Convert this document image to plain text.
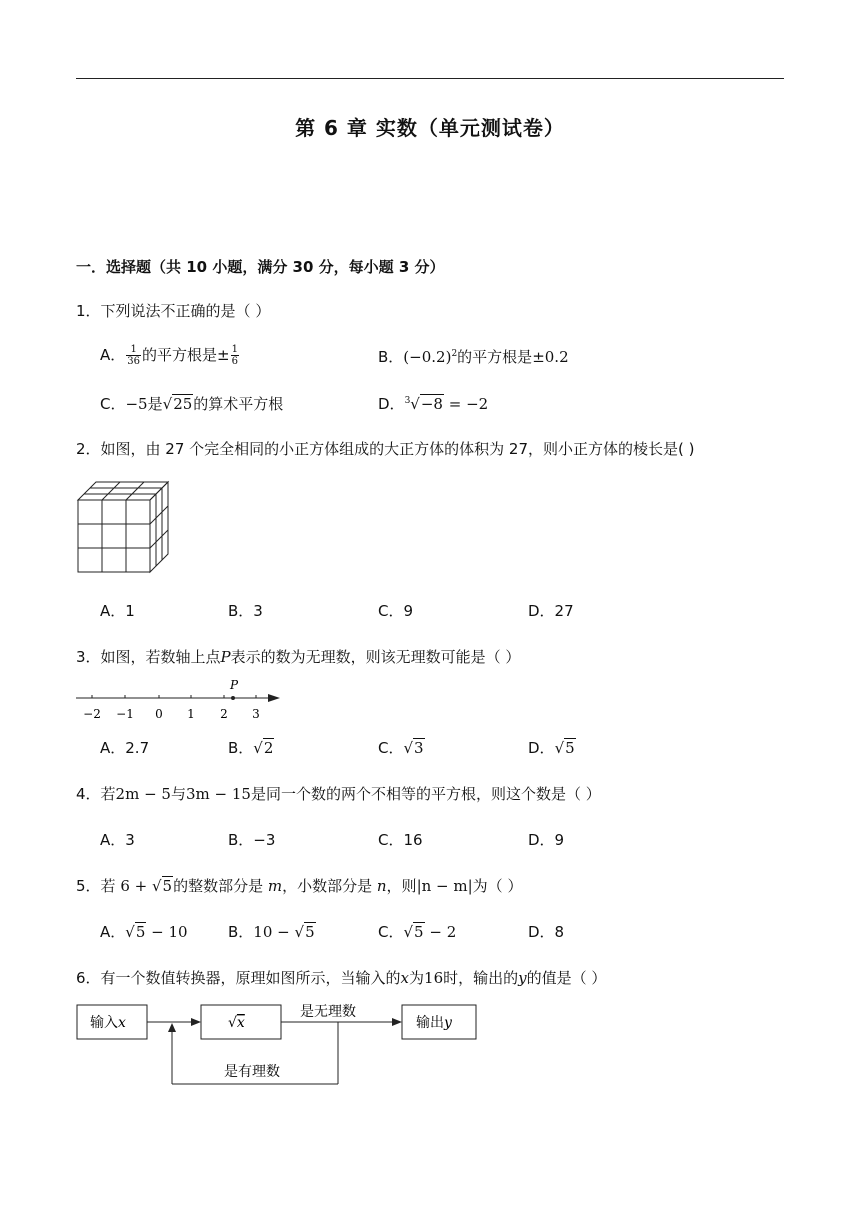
第 6 章 实数（单元测试卷）
一．选择题（共 10 小题，满分 30 分，每小题 3 分）
1．下列说法不正确的是（ ）
A． $\frac{1}{36}$ 的平方根是± $\frac{1}{6}$	B．$(-0.2)^2$的平方根是±0.2
C．−5是√25的算术平方根	D．$^3$√−8 = −2
2．如图，由 27 个完全相同的小正方体组成的大正方体的体积为 27，则小正方体的棱长是( )
A．1	B．3	C．9	D．27
3．如图，若数轴上点P表示的数为无理数，则该无理数可能是（ ）
P
−2 −1 0 1 2 3
A．2.7	B．√2	C．√3	D．√5
4．若2m − 5与3m − 15是同一个数的两个不相等的平方根，则这个数是（ ）
A．3	B．−3	C．16	D．9
5．若 6 + √5的整数部分是 m，小数部分是 n，则|n − m|为（ ）
A．√5 − 10	B．10 − √5	C．√5 − 2	D．8
6．有一个数值转换器，原理如图所示，当输入的x为16时，输出的y的值是（ ）
输入x	√x	输出y
是无理数
是有理数
